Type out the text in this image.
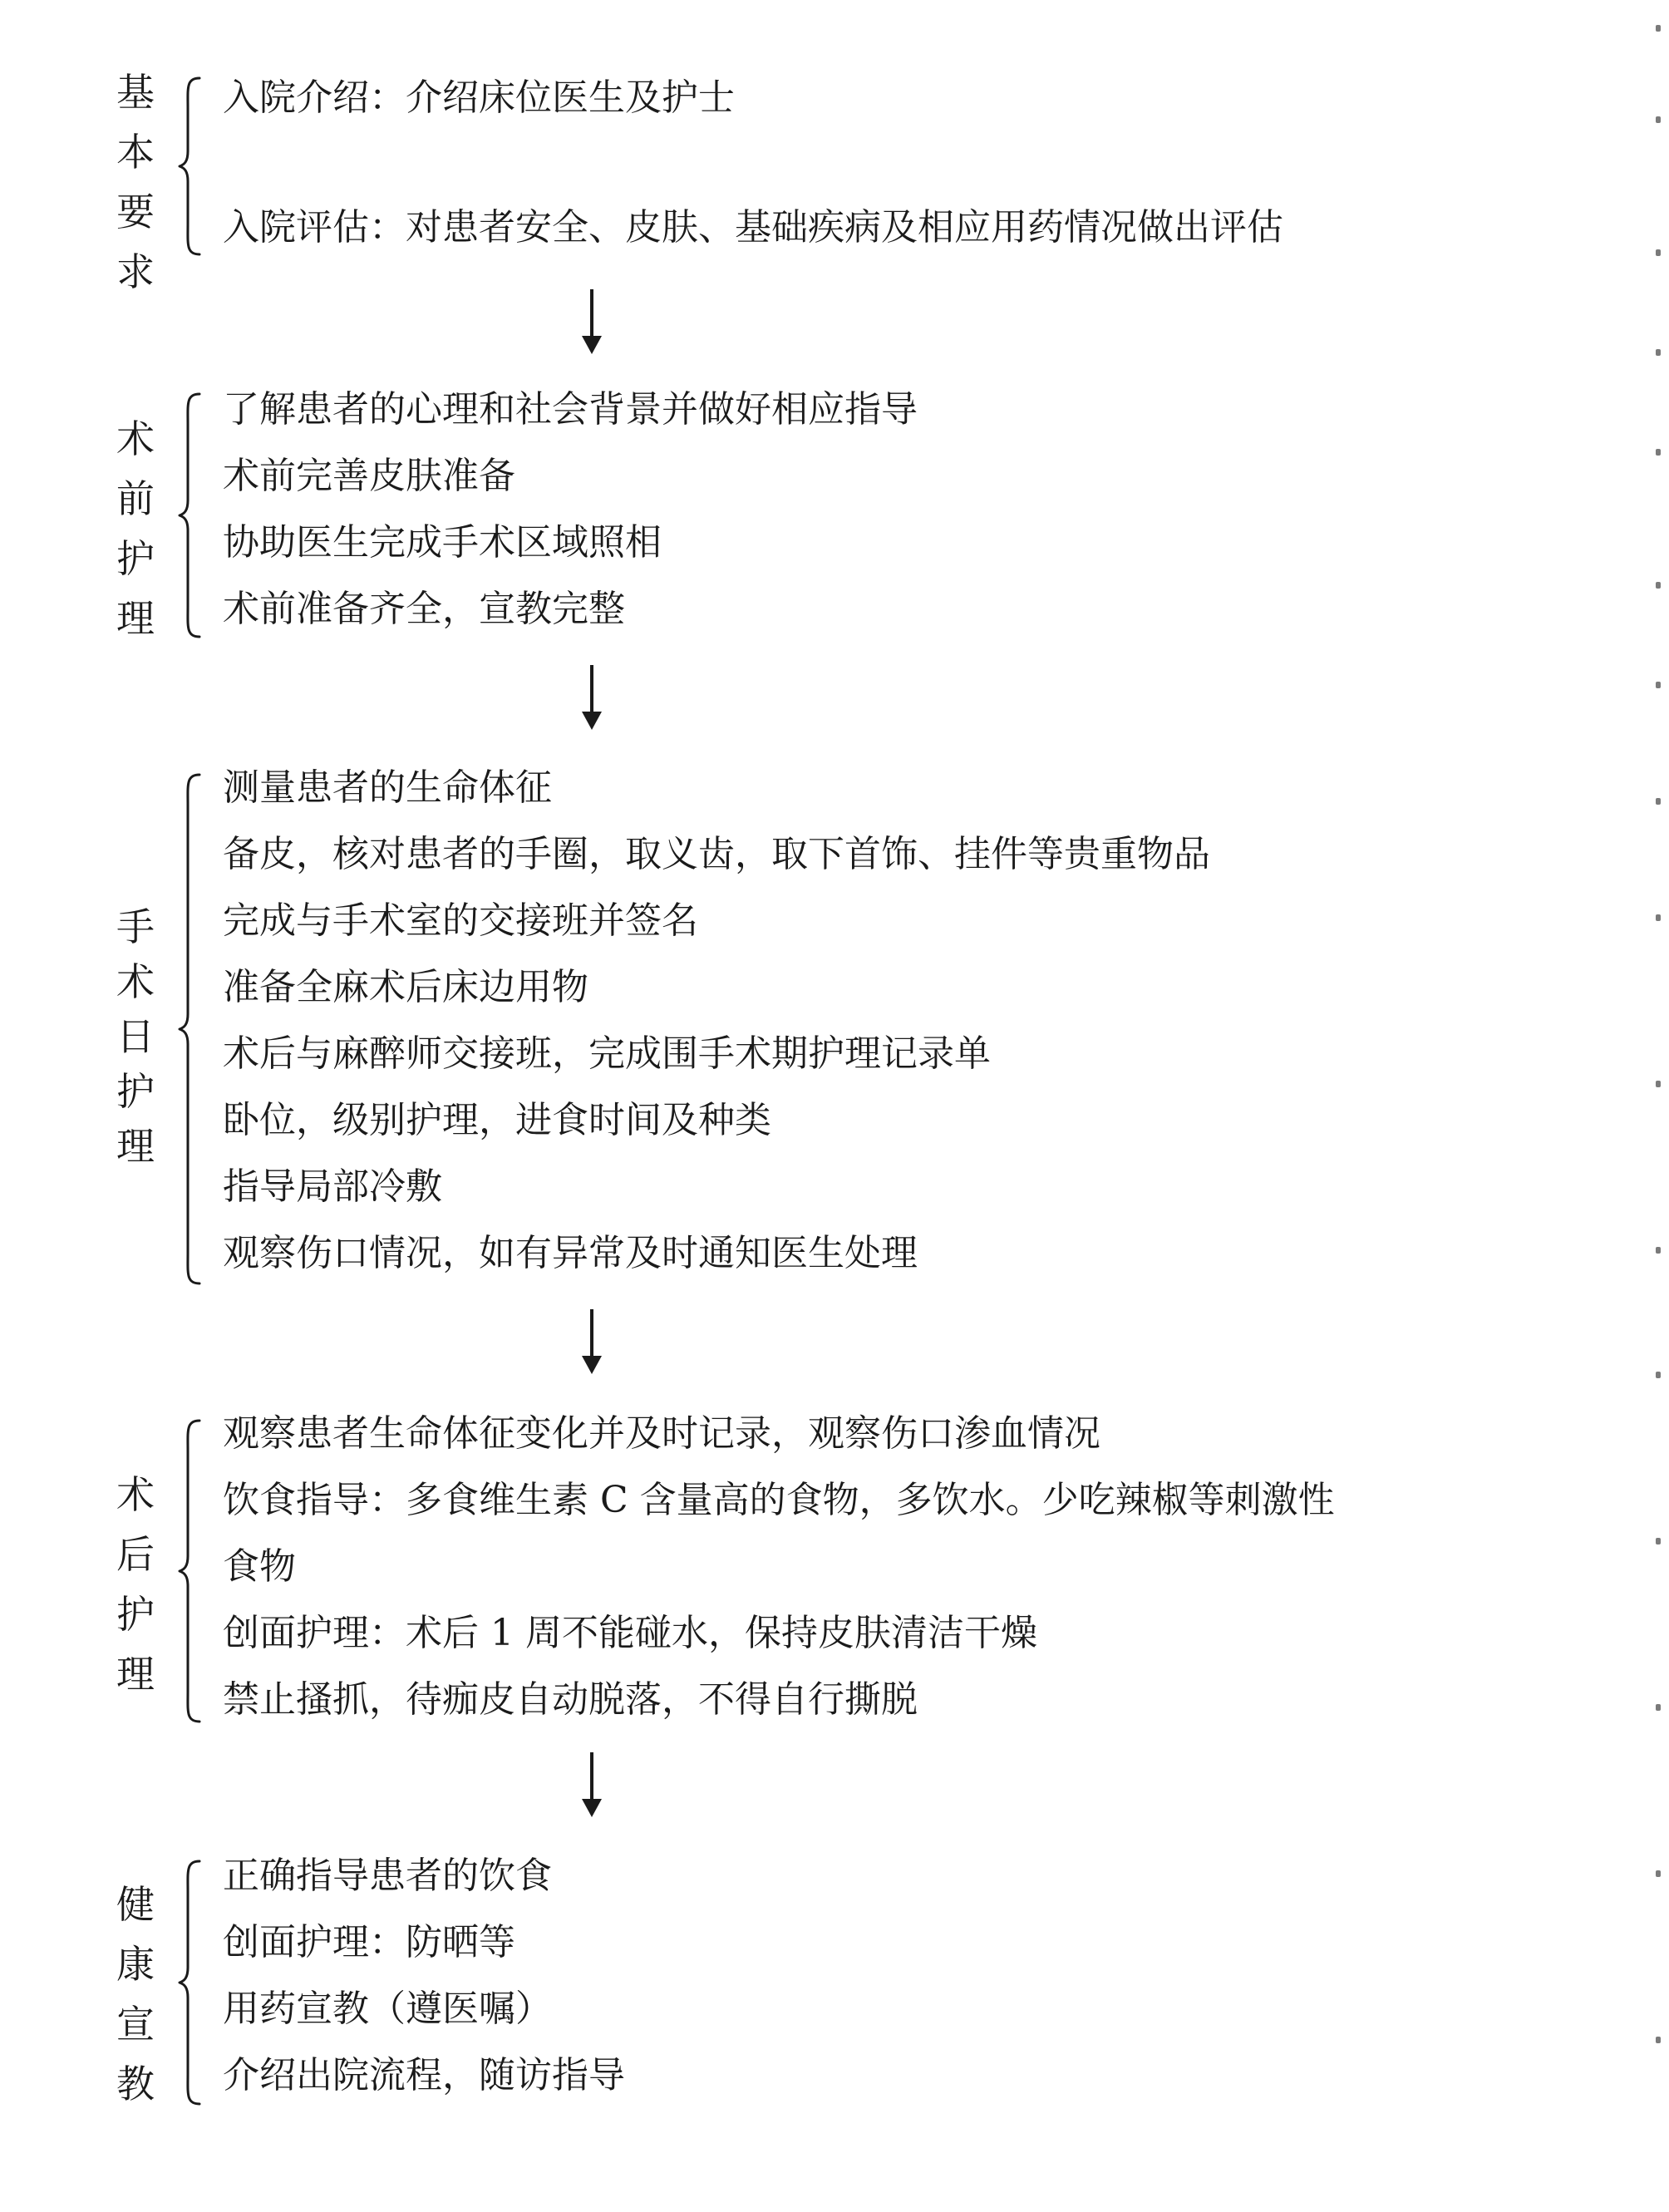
基
本
要
求
入院介绍：介绍床位医生及护士
入院评估：对患者安全、皮肤、基础疾病及相应用药情况做出评估
术
前
护
理
了解患者的心理和社会背景并做好相应指导
术前完善皮肤准备
协助医生完成手术区域照相
术前准备齐全，宣教完整
手
术
日
护
理
测量患者的生命体征
备皮，核对患者的手圈，取义齿，取下首饰、挂件等贵重物品
完成与手术室的交接班并签名
准备全麻术后床边用物
术后与麻醉师交接班，完成围手术期护理记录单
卧位，级别护理，进食时间及种类
指导局部冷敷
观察伤口情况，如有异常及时通知医生处理
术
后
护
理
观察患者生命体征变化并及时记录，观察伤口渗血情况
饮食指导：多食维生素 C 含量高的食物，多饮水。少吃辣椒等刺激性
食物
创面护理：术后 1 周不能碰水，保持皮肤清洁干燥
禁止搔抓，待痂皮自动脱落，不得自行撕脱
健
康
宣
教
正确指导患者的饮食
创面护理：防晒等
用药宣教（遵医嘱）
介绍出院流程，随访指导
